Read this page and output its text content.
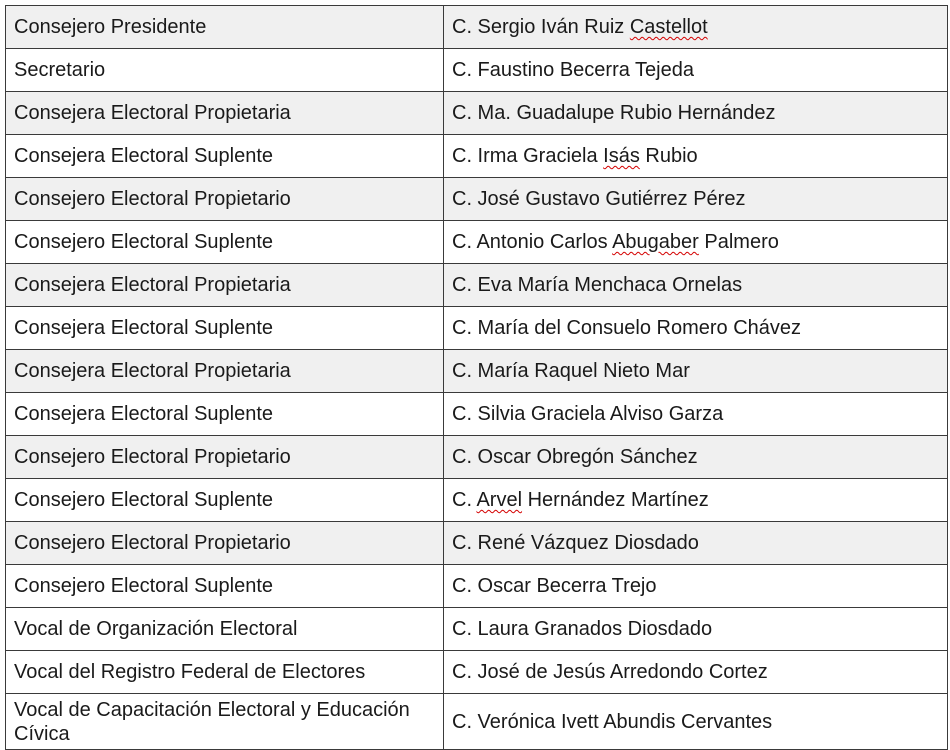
Consejero Presidente	C. Sergio Iván Ruiz Castellot
Secretario	C. Faustino Becerra Tejeda
Consejera Electoral Propietaria	C. Ma. Guadalupe Rubio Hernández
Consejera Electoral Suplente	C. Irma Graciela Isás Rubio
Consejero Electoral Propietario	C. José Gustavo Gutiérrez Pérez
Consejero Electoral Suplente	C. Antonio Carlos Abugaber Palmero
Consejera Electoral Propietaria	C. Eva María Menchaca Ornelas
Consejera Electoral Suplente	C. María del Consuelo Romero Chávez
Consejera Electoral Propietaria	C. María Raquel Nieto Mar
Consejera Electoral Suplente	C. Silvia Graciela Alviso Garza
Consejero Electoral Propietario	C. Oscar Obregón Sánchez
Consejero Electoral Suplente	C. Arvel Hernández Martínez
Consejero Electoral Propietario	C. René Vázquez Diosdado
Consejero Electoral Suplente	C. Oscar Becerra Trejo
Vocal de Organización Electoral	C. Laura Granados Diosdado
Vocal del Registro Federal de Electores	C. José de Jesús Arredondo Cortez
Vocal de Capacitación Electoral y Educación Cívica	C. Verónica Ivett Abundis Cervantes
